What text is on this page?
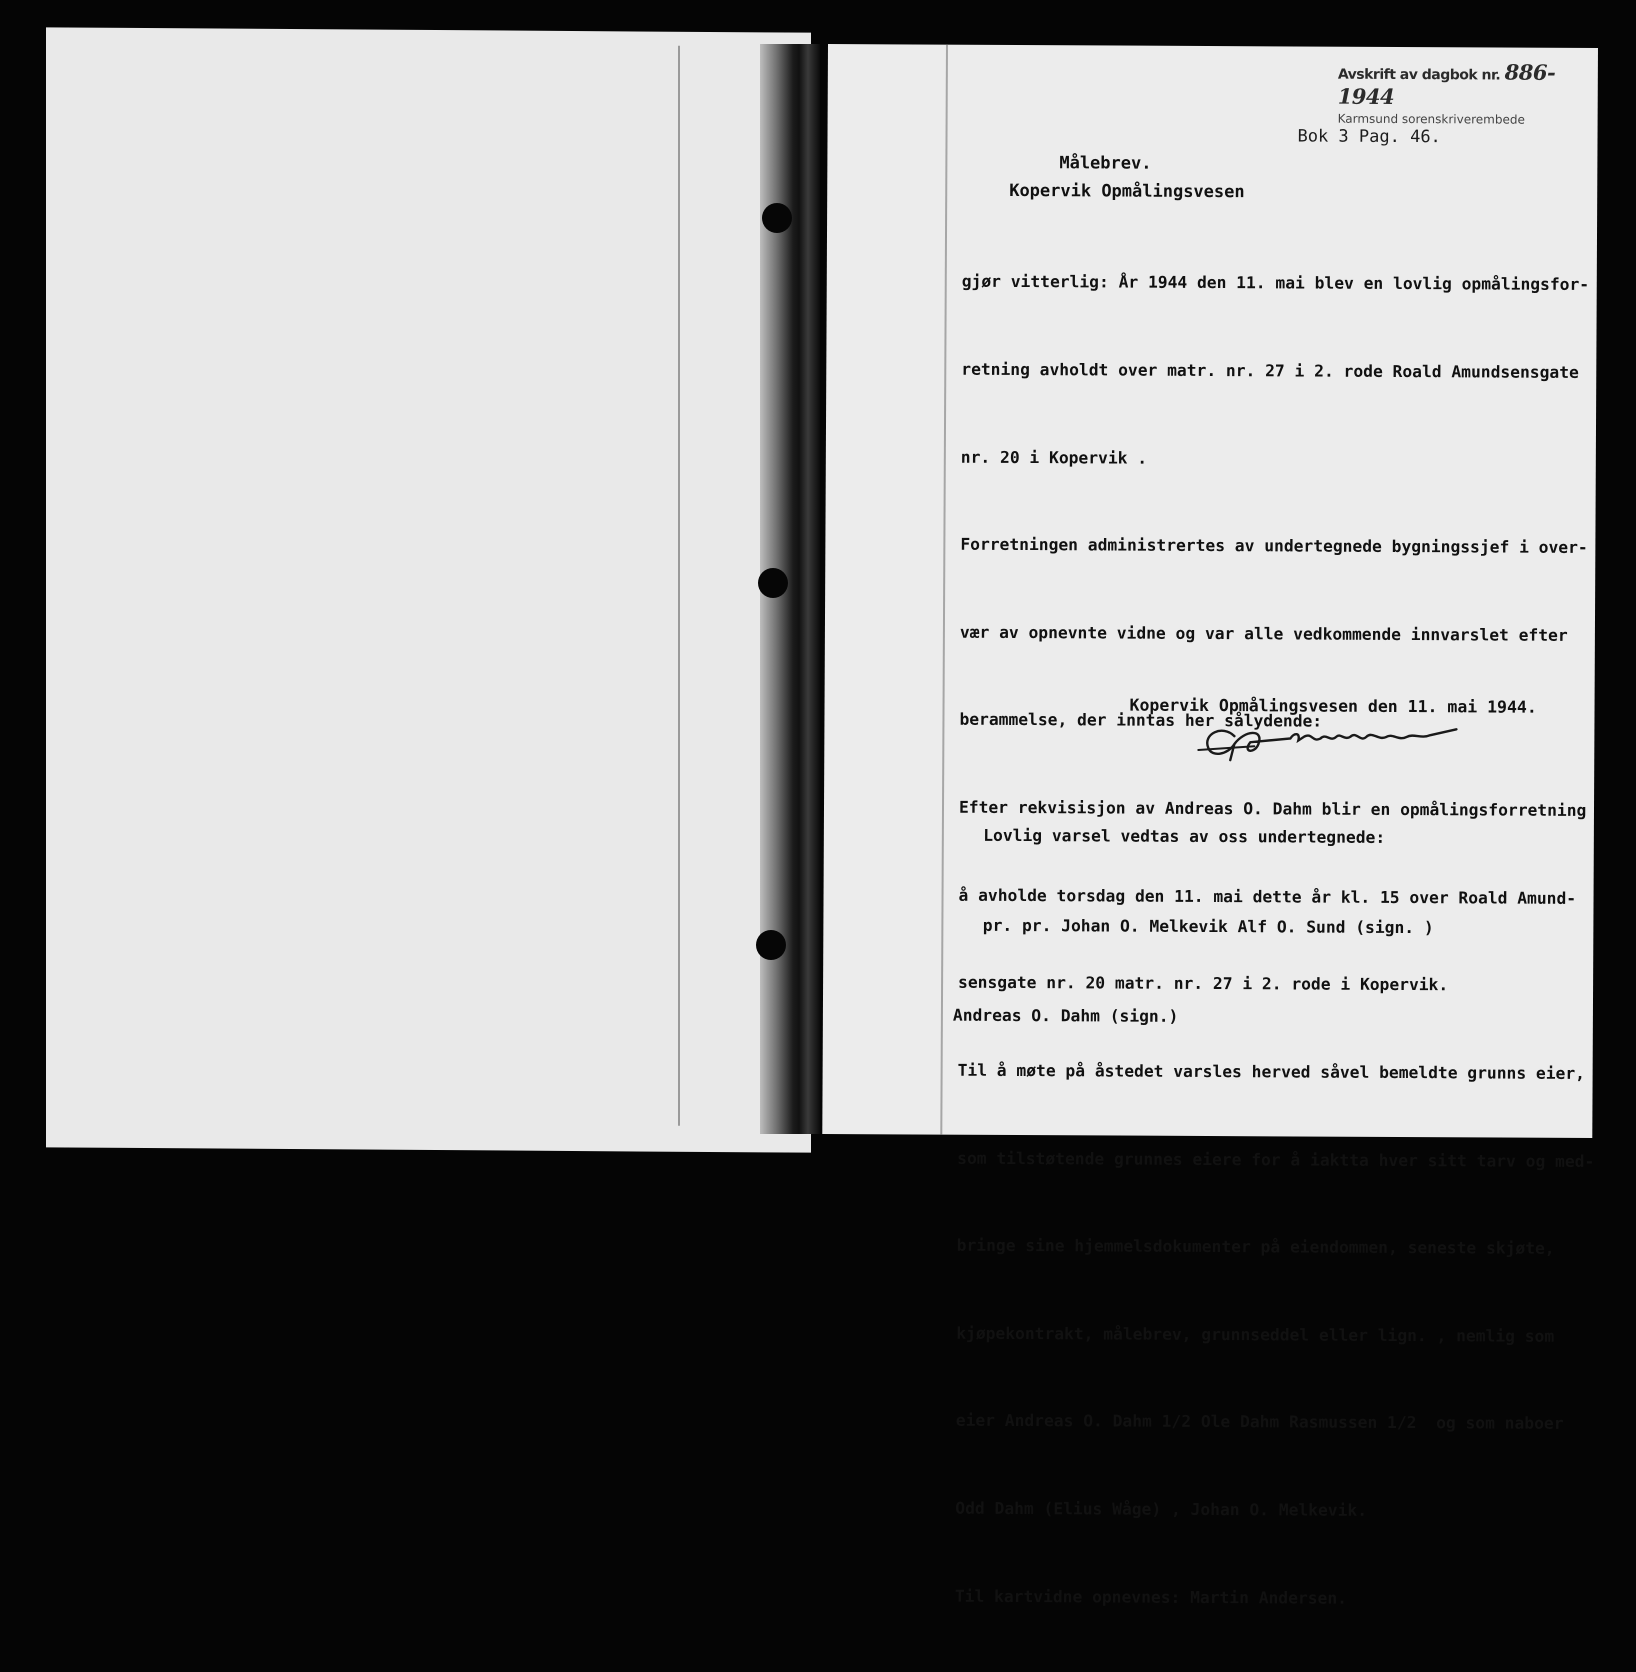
Avskrift av dagbok nr. 886-1944
Karmsund sorenskriverembede
Bok 3 Pag. 46.
Målebrev.
Kopervik Opmålingsvesen

gjør vitterlig: År 1944 den 11. mai blev en lovlig opmålingsfor-

retning avholdt over matr. nr. 27 i 2. rode Roald Amundsensgate

nr. 20 i Kopervik .

Forretningen administrertes av undertegnede bygningssjef i over-

vær av opnevnte vidne og var alle vedkommende innvarslet efter

berammelse, der inntas her sålydende:

Efter rekvisisjon av Andreas O. Dahm blir en opmålingsforretning

å avholde torsdag den 11. mai dette år kl. 15 over Roald Amund-

sensgate nr. 20 matr. nr. 27 i 2. rode i Kopervik.

Til å møte på åstedet varsles herved såvel bemeldte grunns eier,

som tilstøtende grunnes eiere for å iaktta hver sitt tarv og med-

bringe sine hjemmelsdokumenter på eiendommen, seneste skjøte,

kjøpekontrakt, målebrev, grunnseddel eller lign. , nemlig som

eier Andreas O. Dahm 1/2 Ole Dahm Rasmussen 1/2  og som naboer

Odd Dahm (Elius Wåge) , Johan O. Melkevik.

Til kartvidne opnevnes: Martin Andersen.

Kopervik Opmålingsvesen den 11. mai 1944.

Lovlig varsel vedtas av oss undertegnede:

pr. pr. Johan O. Melkevik Alf O. Sund (sign. )

Andreas O. Dahm (sign.)
